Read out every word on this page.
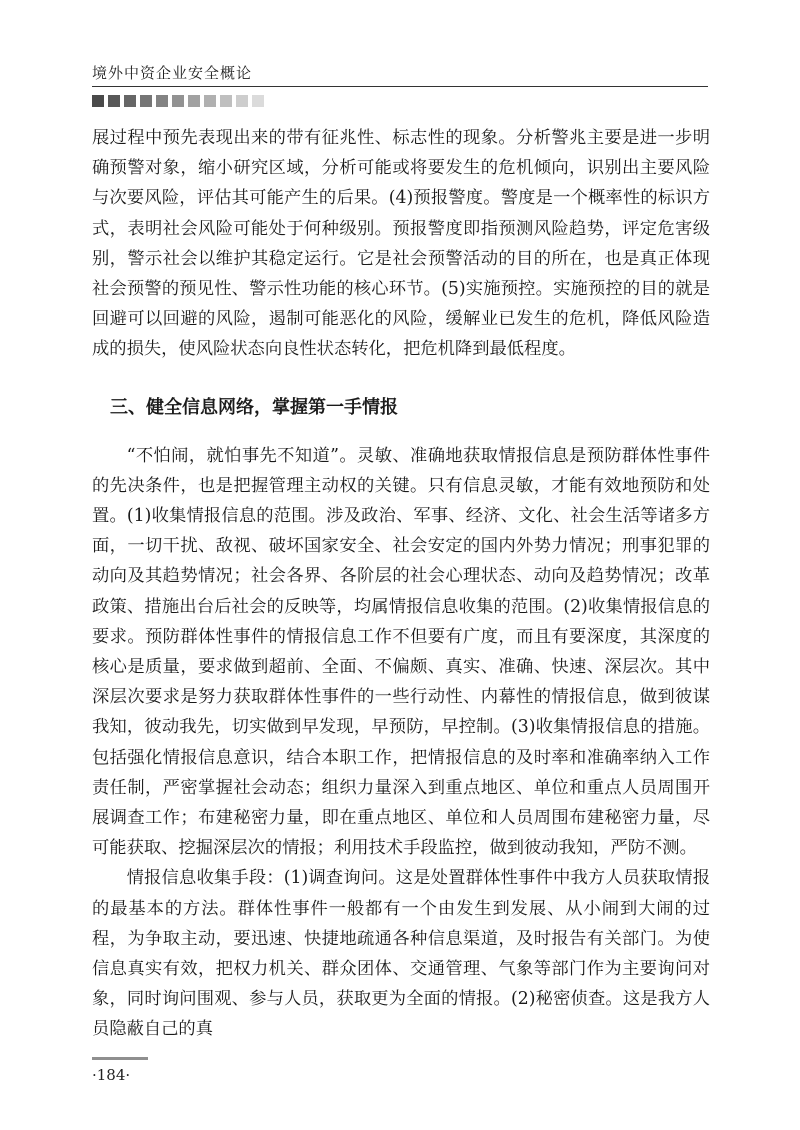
境外中资企业安全概论

展过程中预先表现出来的带有征兆性、标志性的现象。分析警兆主要是进一步明确预警对象，缩小研究区域，分析可能或将要发生的危机倾向，识别出主要风险与次要风险，评估其可能产生的后果。(4)预报警度。警度是一个概率性的标识方式，表明社会风险可能处于何种级别。预报警度即指预测风险趋势，评定危害级别，警示社会以维护其稳定运行。它是社会预警活动的目的所在，也是真正体现社会预警的预见性、警示性功能的核心环节。(5)实施预控。实施预控的目的就是回避可以回避的风险，遏制可能恶化的风险，缓解业已发生的危机，降低风险造成的损失，使风险状态向良性状态转化，把危机降到最低程度。

三、健全信息网络，掌握第一手情报

“不怕闹，就怕事先不知道”。灵敏、准确地获取情报信息是预防群体性事件的先决条件，也是把握管理主动权的关键。只有信息灵敏，才能有效地预防和处置。(1)收集情报信息的范围。涉及政治、军事、经济、文化、社会生活等诸多方面，一切干扰、敌视、破坏国家安全、社会安定的国内外势力情况；刑事犯罪的动向及其趋势情况；社会各界、各阶层的社会心理状态、动向及趋势情况；改革政策、措施出台后社会的反映等，均属情报信息收集的范围。(2)收集情报信息的要求。预防群体性事件的情报信息工作不但要有广度，而且有要深度，其深度的核心是质量，要求做到超前、全面、不偏颇、真实、准确、快速、深层次。其中深层次要求是努力获取群体性事件的一些行动性、内幕性的情报信息，做到彼谋我知，彼动我先，切实做到早发现，早预防，早控制。(3)收集情报信息的措施。包括强化情报信息意识，结合本职工作，把情报信息的及时率和准确率纳入工作责任制，严密掌握社会动态；组织力量深入到重点地区、单位和重点人员周围开展调查工作；布建秘密力量，即在重点地区、单位和人员周围布建秘密力量，尽可能获取、挖掘深层次的情报；利用技术手段监控，做到彼动我知，严防不测。

情报信息收集手段：(1)调查询问。这是处置群体性事件中我方人员获取情报的最基本的方法。群体性事件一般都有一个由发生到发展、从小闹到大闹的过程，为争取主动，要迅速、快捷地疏通各种信息渠道，及时报告有关部门。为使信息真实有效，把权力机关、群众团体、交通管理、气象等部门作为主要询问对象，同时询问围观、参与人员，获取更为全面的情报。(2)秘密侦查。这是我方人员隐蔽自己的真

·184·
